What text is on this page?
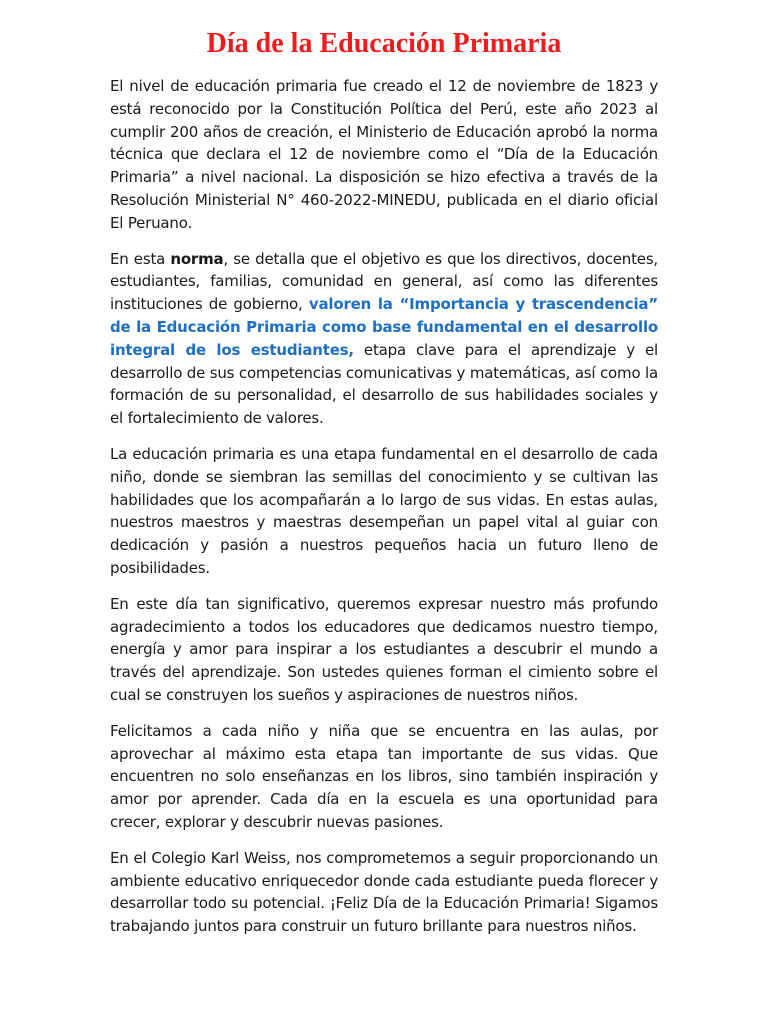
Día de la Educación Primaria

El nivel de educación primaria fue creado el 12 de noviembre de 1823 y está reconocido por la Constitución Política del Perú, este año 2023 al cumplir 200 años de creación, el Ministerio de Educación aprobó la norma técnica que declara el 12 de noviembre como el “Día de la Educación Primaria” a nivel nacional. La disposición se hizo efectiva a través de la Resolución Ministerial N° 460-2022-MINEDU, publicada en el diario oficial El Peruano.

En esta norma, se detalla que el objetivo es que los directivos, docentes, estudiantes, familias, comunidad en general, así como las diferentes instituciones de gobierno, valoren la “Importancia y trascendencia” de la Educación Primaria como base fundamental en el desarrollo integral de los estudiantes, etapa clave para el aprendizaje y el desarrollo de sus competencias comunicativas y matemáticas, así como la formación de su personalidad, el desarrollo de sus habilidades sociales y el fortalecimiento de valores.

La educación primaria es una etapa fundamental en el desarrollo de cada niño, donde se siembran las semillas del conocimiento y se cultivan las habilidades que los acompañarán a lo largo de sus vidas. En estas aulas, nuestros maestros y maestras desempeñan un papel vital al guiar con dedicación y pasión a nuestros pequeños hacia un futuro lleno de posibilidades.

En este día tan significativo, queremos expresar nuestro más profundo agradecimiento a todos los educadores que dedicamos nuestro tiempo, energía y amor para inspirar a los estudiantes a descubrir el mundo a través del aprendizaje. Son ustedes quienes forman el cimiento sobre el cual se construyen los sueños y aspiraciones de nuestros niños.

Felicitamos a cada niño y niña que se encuentra en las aulas, por aprovechar al máximo esta etapa tan importante de sus vidas. Que encuentren no solo enseñanzas en los libros, sino también inspiración y amor por aprender. Cada día en la escuela es una oportunidad para crecer, explorar y descubrir nuevas pasiones.

En el Colegio Karl Weiss, nos comprometemos a seguir proporcionando un ambiente educativo enriquecedor donde cada estudiante pueda florecer y desarrollar todo su potencial. ¡Feliz Día de la Educación Primaria! Sigamos trabajando juntos para construir un futuro brillante para nuestros niños.
